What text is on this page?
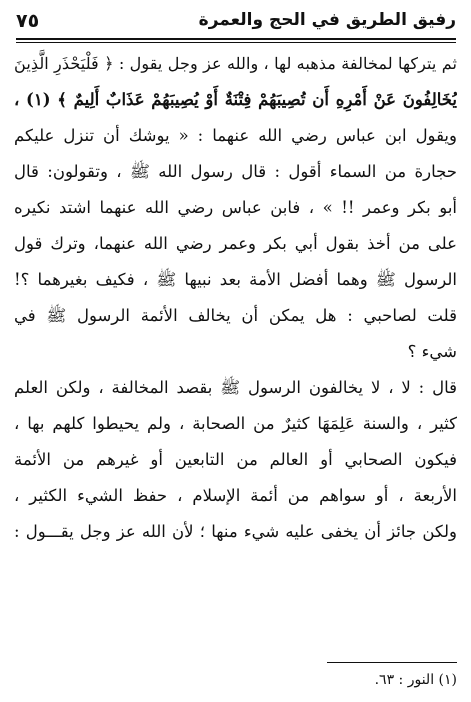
٧٥	رفيق الطريق في الحج والعمرة
ثم يتركها لمخالفة مذهبه لها ، والله عز وجل يقول : ﴿ فَلْيَحْذَرِ الَّذِينَ
يُخَالِفُونَ عَنْ أَمْرِهِ أَن تُصِيبَهُمْ فِتْنَةٌ أَوْ يُصِيبَهُمْ عَذَابٌ أَلِيمٌ ﴾ (١) ،
ويقول ابن عباس رضي الله عنهما : « يوشك أن تنزل عليكم
حجارة من السماء أقول : قال رسول الله ﷺ ، وتقولون: قال
أبو بكر وعمر !! » ، فابن عباس رضي الله عنهما اشتد نكيره
على من أخذ بقول أبي بكر وعمر رضي الله عنهما، وترك قول
الرسول ﷺ وهما أفضل الأمة بعد نبيها ﷺ ، فكيف بغيرهما ؟!
قلت لصاحبي : هل يمكن أن يخالف الأئمة الرسول ﷺ في
شيء ؟
قال : لا ، لا يخالفون الرسول ﷺ بقصد المخالفة ، ولكن العلم
كثير ، والسنة عَلِمَهَا كثيرٌ من الصحابة ، ولم يحيطوا كلهم بها ،
فيكون الصحابي أو العالم من التابعين أو غيرهم من الأئمة
الأربعة ، أو سواهم من أئمة الإسلام ، حفظ الشيء الكثير ،
ولكن جائز أن يخفى عليه شيء منها ؛ لأن الله عز وجل يقـــول :
(١) النور : ٦٣.
